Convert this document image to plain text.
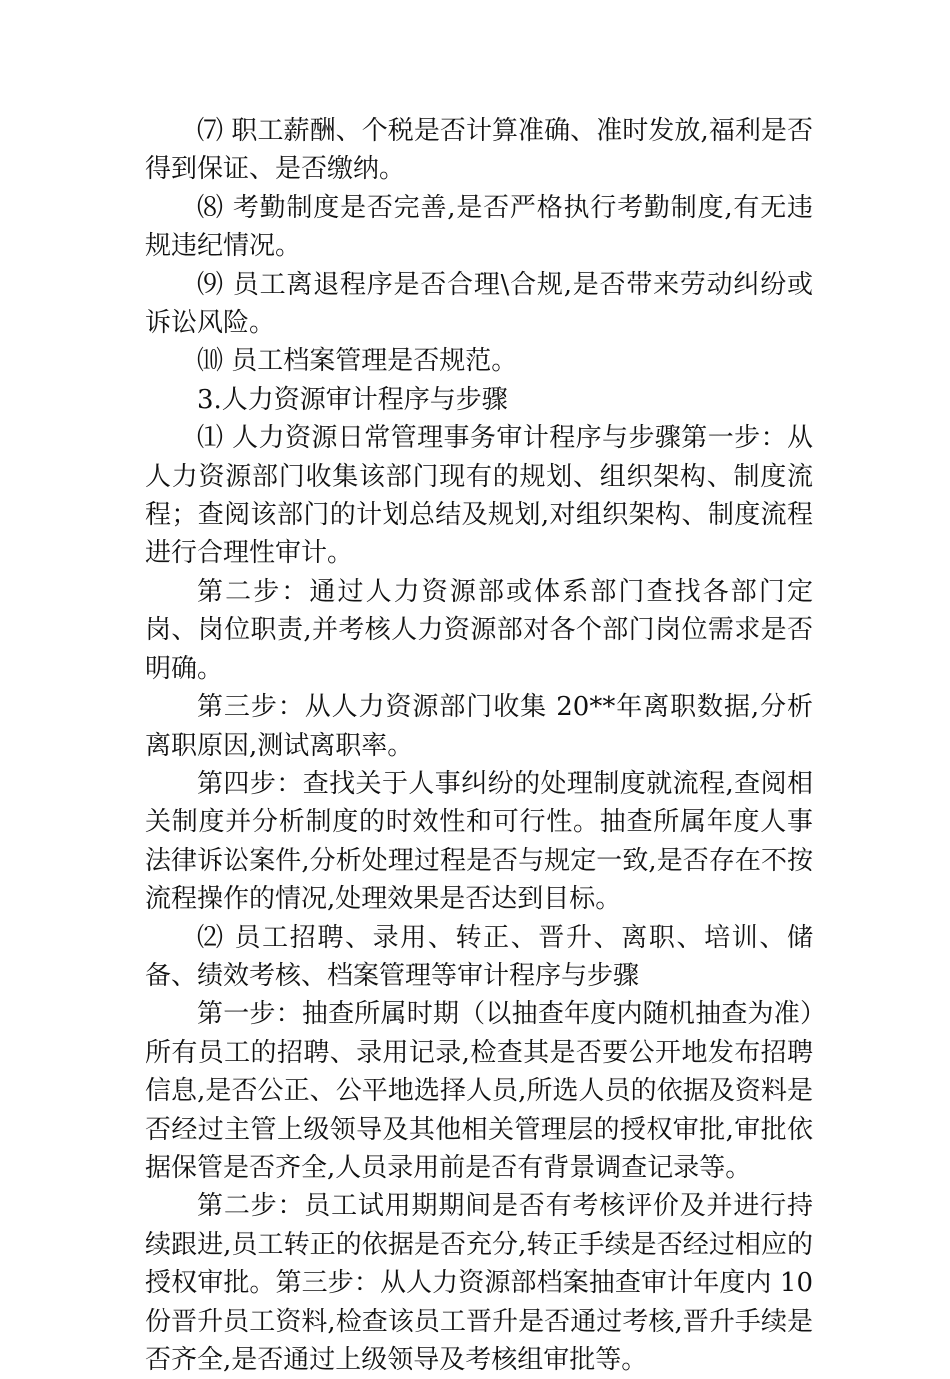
⑺ 职工薪酬、个税是否计算准确、准时发放,福利是否得到保证、是否缴纳。

⑻ 考勤制度是否完善,是否严格执行考勤制度,有无违规违纪情况。

⑼ 员工离退程序是否合理\合规,是否带来劳动纠纷或诉讼风险。

⑽ 员工档案管理是否规范。

3.人力资源审计程序与步骤

⑴ 人力资源日常管理事务审计程序与步骤第一步：从人力资源部门收集该部门现有的规划、组织架构、制度流程；查阅该部门的计划总结及规划,对组织架构、制度流程进行合理性审计。

第二步：通过人力资源部或体系部门查找各部门定岗、岗位职责,并考核人力资源部对各个部门岗位需求是否明确。

第三步：从人力资源部门收集 20**年离职数据,分析离职原因,测试离职率。

第四步：查找关于人事纠纷的处理制度就流程,查阅相关制度并分析制度的时效性和可行性。抽查所属年度人事法律诉讼案件,分析处理过程是否与规定一致,是否存在不按流程操作的情况,处理效果是否达到目标。

⑵ 员工招聘、录用、转正、晋升、离职、培训、储备、绩效考核、档案管理等审计程序与步骤

第一步：抽查所属时期（以抽查年度内随机抽查为准）所有员工的招聘、录用记录,检查其是否要公开地发布招聘信息,是否公正、公平地选择人员,所选人员的依据及资料是否经过主管上级领导及其他相关管理层的授权审批,审批依据保管是否齐全,人员录用前是否有背景调查记录等。

第二步：员工试用期期间是否有考核评价及并进行持续跟进,员工转正的依据是否充分,转正手续是否经过相应的授权审批。第三步：从人力资源部档案抽查审计年度内 10份晋升员工资料,检查该员工晋升是否通过考核,晋升手续是否齐全,是否通过上级领导及考核组审批等。
